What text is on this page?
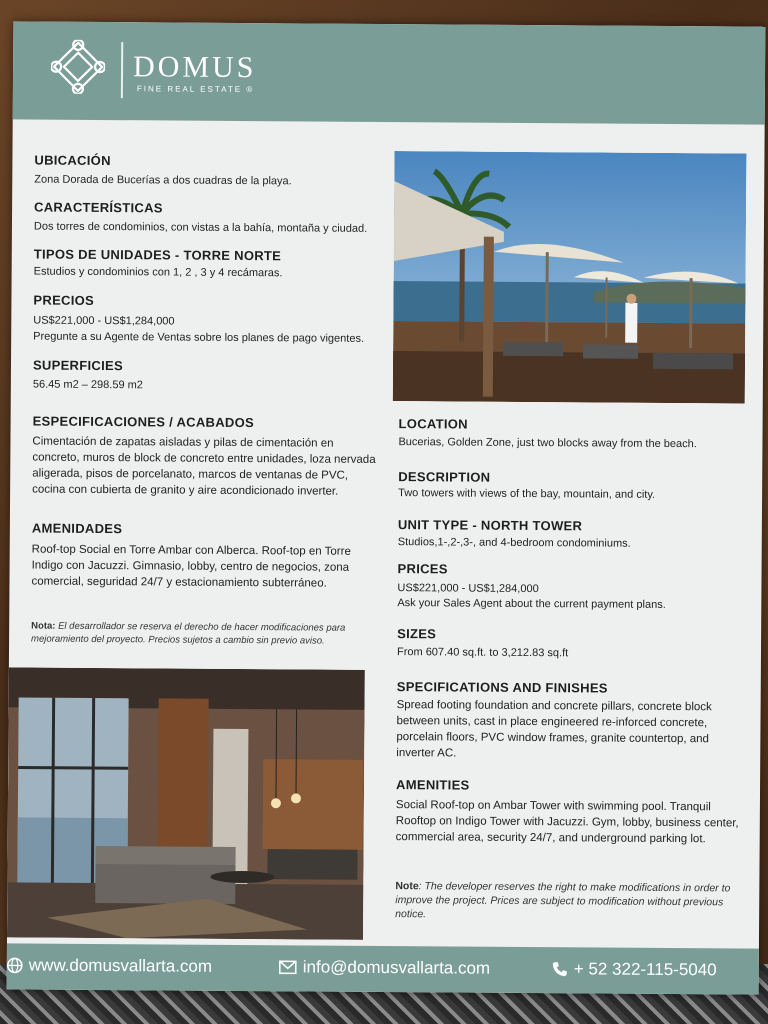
DOMUS
FINE REAL ESTATE ®
UBICACIÓN
Zona Dorada de Bucerías a dos cuadras de la playa.
CARACTERÍSTICAS
Dos torres de condominios, con vistas a la bahía, montaña y ciudad.
TIPOS DE UNIDADES - TORRE NORTE
Estudios y condominios con 1, 2 , 3 y 4 recámaras.
PRECIOS
US$221,000 - US$1,284,000
Pregunte a su Agente de Ventas sobre los planes de pago vigentes.
SUPERFICIES
56.45 m2 – 298.59 m2
ESPECIFICACIONES / ACABADOS
Cimentación de zapatas aisladas y pilas de cimentación en concreto, muros de block de concreto entre unidades, loza nervada aligerada, pisos de porcelanato, marcos de ventanas de PVC, cocina con cubierta de granito y aire acondicionado inverter.
AMENIDADES
Roof-top Social en Torre Ambar con Alberca. Roof-top en Torre Indigo con Jacuzzi. Gimnasio, lobby, centro de negocios, zona comercial, seguridad 24/7 y estacionamiento subterráneo.
Nota: El desarrollador se reserva el derecho de hacer modificaciones para mejoramiento del proyecto. Precios sujetos a cambio sin previo aviso.
LOCATION
Bucerias, Golden Zone, just two blocks away from the beach.
DESCRIPTION
Two towers with views of the bay, mountain, and city.
UNIT TYPE - NORTH TOWER
Studios,1-,2-,3-, and 4-bedroom condominiums.
PRICES
US$221,000 - US$1,284,000
Ask your Sales Agent about the current payment plans.
SIZES
From 607.40 sq.ft. to 3,212.83 sq.ft
SPECIFICATIONS AND FINISHES
Spread footing foundation and concrete pillars, concrete block between units, cast in place engineered re-inforced concrete, porcelain floors, PVC window frames, granite countertop, and inverter AC.
AMENITIES
Social Roof-top on Ambar Tower with swimming pool. Tranquil Rooftop on Indigo Tower with Jacuzzi. Gym, lobby, business center, commercial area, security 24/7, and underground parking lot.
Note: The developer reserves the right to make modifications in order to improve the project. Prices are subject to modification without previous notice.
www.domusvallarta.com	info@domusvallarta.com	+ 52 322-115-5040
